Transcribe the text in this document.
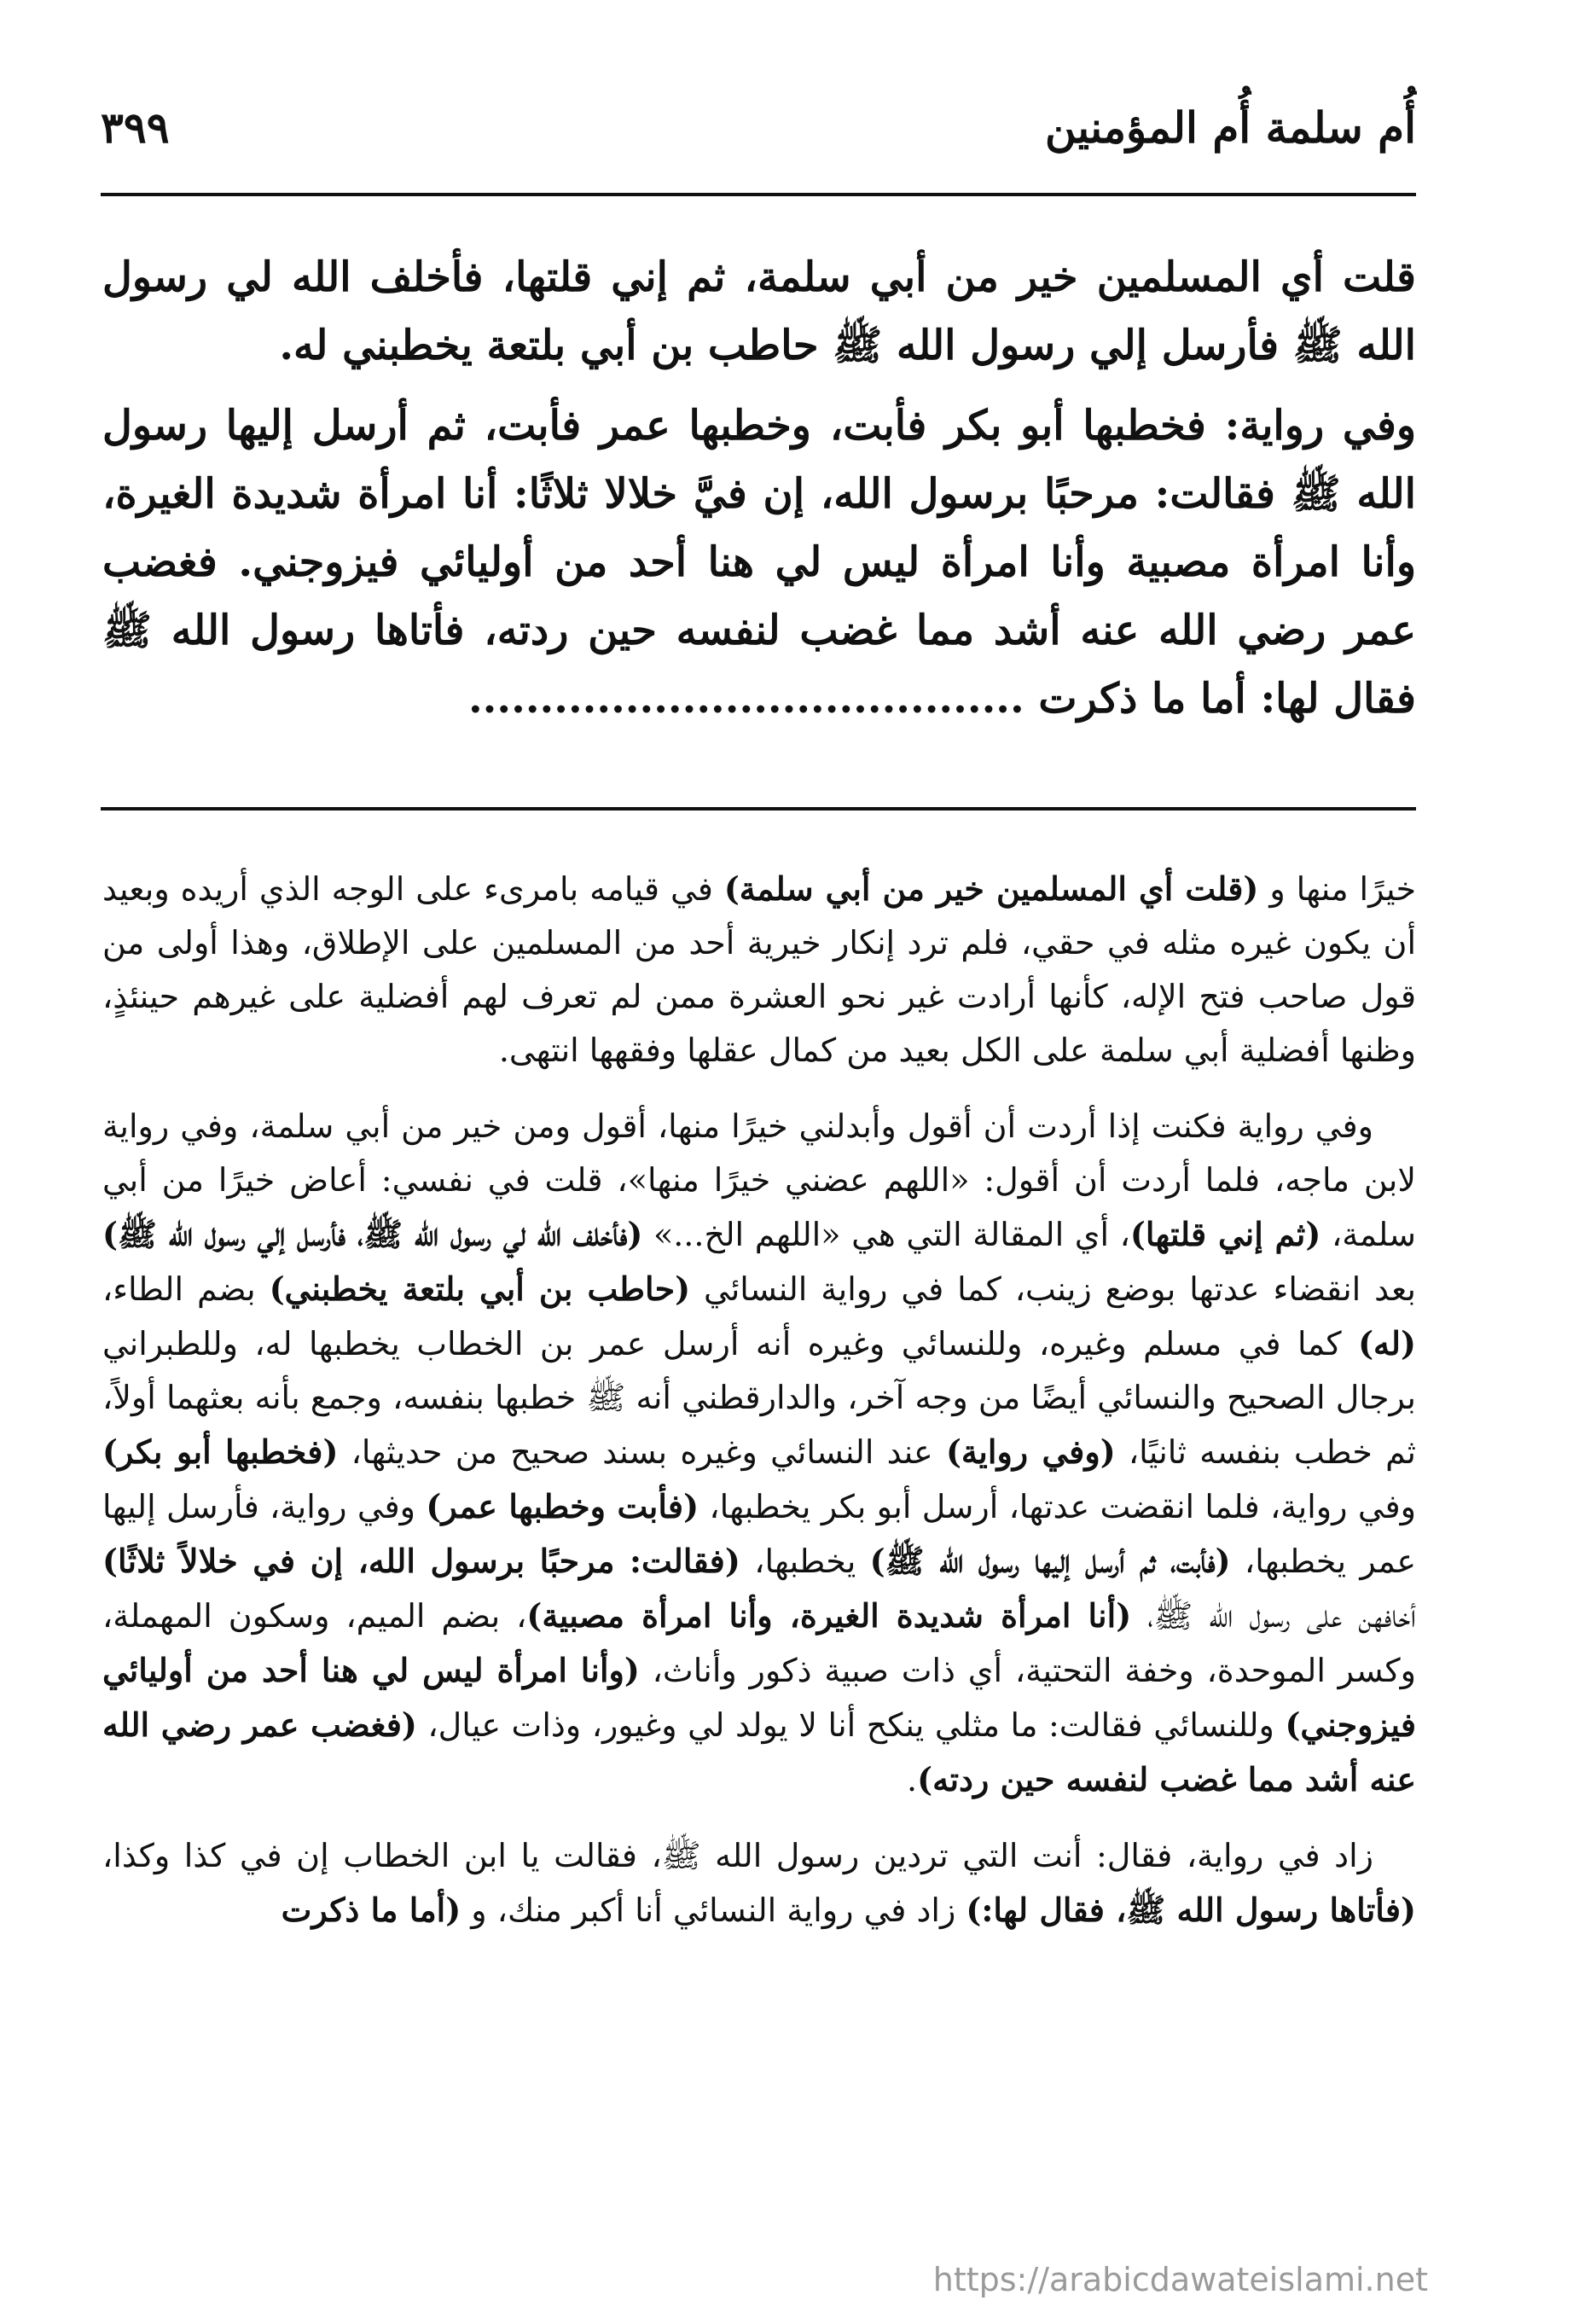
أُم سلمة أُم المؤمنين
٣٩٩

قلت أي المسلمين خير من أبي سلمة، ثم إني قلتها، فأخلف الله لي رسول الله ﷺ فأرسل إلي رسول الله ﷺ حاطب بن أبي بلتعة يخطبني له.

وفي رواية: فخطبها أبو بكر فأبت، وخطبها عمر فأبت، ثم أرسل إليها رسول الله ﷺ فقالت: مرحبًا برسول الله، إن فيَّ خلالا ثلاثًا: أنا امرأة شديدة الغيرة، وأنا امرأة مصبية وأنا امرأة ليس لي هنا أحد من أوليائي فيزوجني. فغضب عمر رضي الله عنه أشد مما غضب لنفسه حين ردته، فأتاها رسول الله ﷺ فقال لها: أما ما ذكرت .......................................

خيرًا منها و (قلت أي المسلمين خير من أبي سلمة) في قيامه بامرىء على الوجه الذي أريده وبعيد أن يكون غيره مثله في حقي، فلم ترد إنكار خيرية أحد من المسلمين على الإطلاق، وهذا أولى من قول صاحب فتح الإله، كأنها أرادت غير نحو العشرة ممن لم تعرف لهم أفضلية على غيرهم حينئذٍ، وظنها أفضلية أبي سلمة على الكل بعيد من كمال عقلها وفقهها انتهى.

وفي رواية فكنت إذا أردت أن أقول وأبدلني خيرًا منها، أقول ومن خير من أبي سلمة، وفي رواية لابن ماجه، فلما أردت أن أقول: «اللهم عضني خيرًا منها»، قلت في نفسي: أعاض خيرًا من أبي سلمة، (ثم إني قلتها)، أي المقالة التي هي «اللهم الخ...» (فأخلف الله لي رسول الله ﷺ، فأرسل إلي رسول الله ﷺ) بعد انقضاء عدتها بوضع زينب، كما في رواية النسائي (حاطب بن أبي بلتعة يخطبني) بضم الطاء، (له) كما في مسلم وغيره، وللنسائي وغيره أنه أرسل عمر بن الخطاب يخطبها له، وللطبراني برجال الصحيح والنسائي أيضًا من وجه آخر، والدارقطني أنه ﷺ خطبها بنفسه، وجمع بأنه بعثهما أولاً، ثم خطب بنفسه ثانيًا، (وفي رواية) عند النسائي وغيره بسند صحيح من حديثها، (فخطبها أبو بكر) وفي رواية، فلما انقضت عدتها، أرسل أبو بكر يخطبها، (فأبت وخطبها عمر) وفي رواية، فأرسل إليها عمر يخطبها، (فأبت، ثم أرسل إليها رسول الله ﷺ) يخطبها، (فقالت: مرحبًا برسول الله، إن في خلالاً ثلاثًا) أخافهن على رسول الله ﷺ، (أنا امرأة شديدة الغيرة، وأنا امرأة مصبية)، بضم الميم، وسكون المهملة، وكسر الموحدة، وخفة التحتية، أي ذات صبية ذكور وأناث، (وأنا امرأة ليس لي هنا أحد من أوليائي فيزوجني) وللنسائي فقالت: ما مثلي ينكح أنا لا يولد لي وغيور، وذات عيال، (فغضب عمر رضي الله عنه أشد مما غضب لنفسه حين ردته).

زاد في رواية، فقال: أنت التي تردين رسول الله ﷺ، فقالت يا ابن الخطاب إن في كذا وكذا، (فأتاها رسول الله ﷺ، فقال لها:) زاد في رواية النسائي أنا أكبر منك، و (أما ما ذكرت

https://arabicdawateislami.net
